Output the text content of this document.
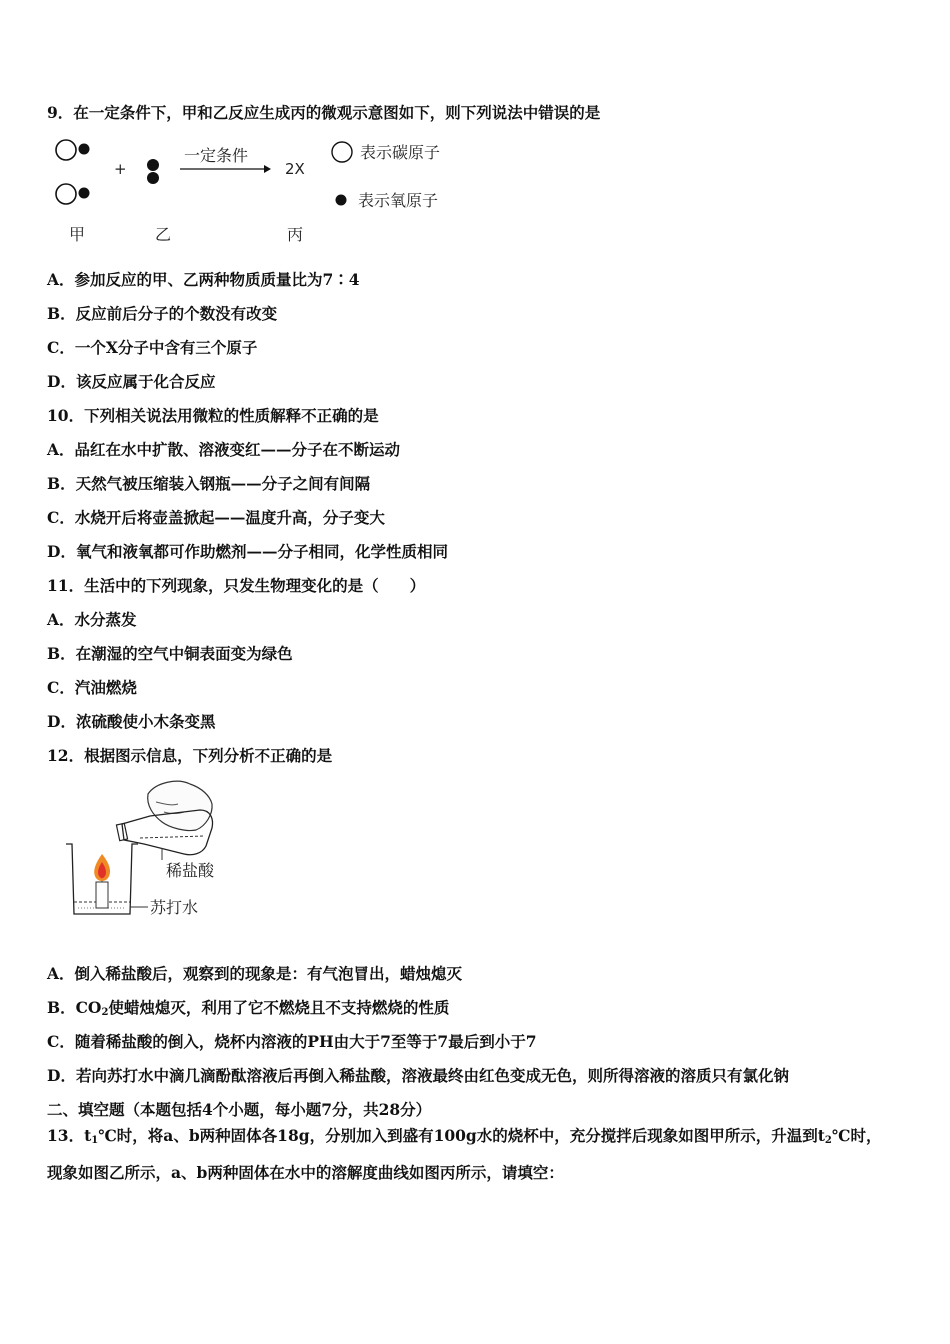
9．在一定条件下，甲和乙反应生成丙的微观示意图如下，则下列说法中错误的是
+
一定条件
2X
表示碳原子
表示氧原子
甲	乙	丙
A．参加反应的甲、乙两种物质质量比为7∶4
B．反应前后分子的个数没有改变
C．一个X分子中含有三个原子
D．该反应属于化合反应
10．下列相关说法用微粒的性质解释不正确的是
A．品红在水中扩散、溶液变红——分子在不断运动
B．天然气被压缩装入钢瓶——分子之间有间隔
C．水烧开后将壶盖掀起——温度升高，分子变大
D．氧气和液氧都可作助燃剂——分子相同，化学性质相同
11．生活中的下列现象，只发生物理变化的是（　　）
A．水分蒸发
B．在潮湿的空气中铜表面变为绿色
C．汽油燃烧
D．浓硫酸使小木条变黑
12．根据图示信息，下列分析不正确的是
稀盐酸
苏打水
A．倒入稀盐酸后，观察到的现象是：有气泡冒出，蜡烛熄灭
B．$CO_2$使蜡烛熄灭，利用了它不燃烧且不支持燃烧的性质
C．随着稀盐酸的倒入，烧杯内溶液的PH由大于7至等于7最后到小于7
D．若向苏打水中滴几滴酚酞溶液后再倒入稀盐酸，溶液最终由红色变成无色，则所得溶液的溶质只有氯化钠
二、填空题（本题包括4个小题，每小题7分，共28分）
13．$t_1℃$时，将a、b两种固体各18g，分别加入到盛有100g水的烧杯中，充分搅拌后现象如图甲所示，升温到$t_2℃$时，
现象如图乙所示，a、b两种固体在水中的溶解度曲线如图丙所示，请填空：
